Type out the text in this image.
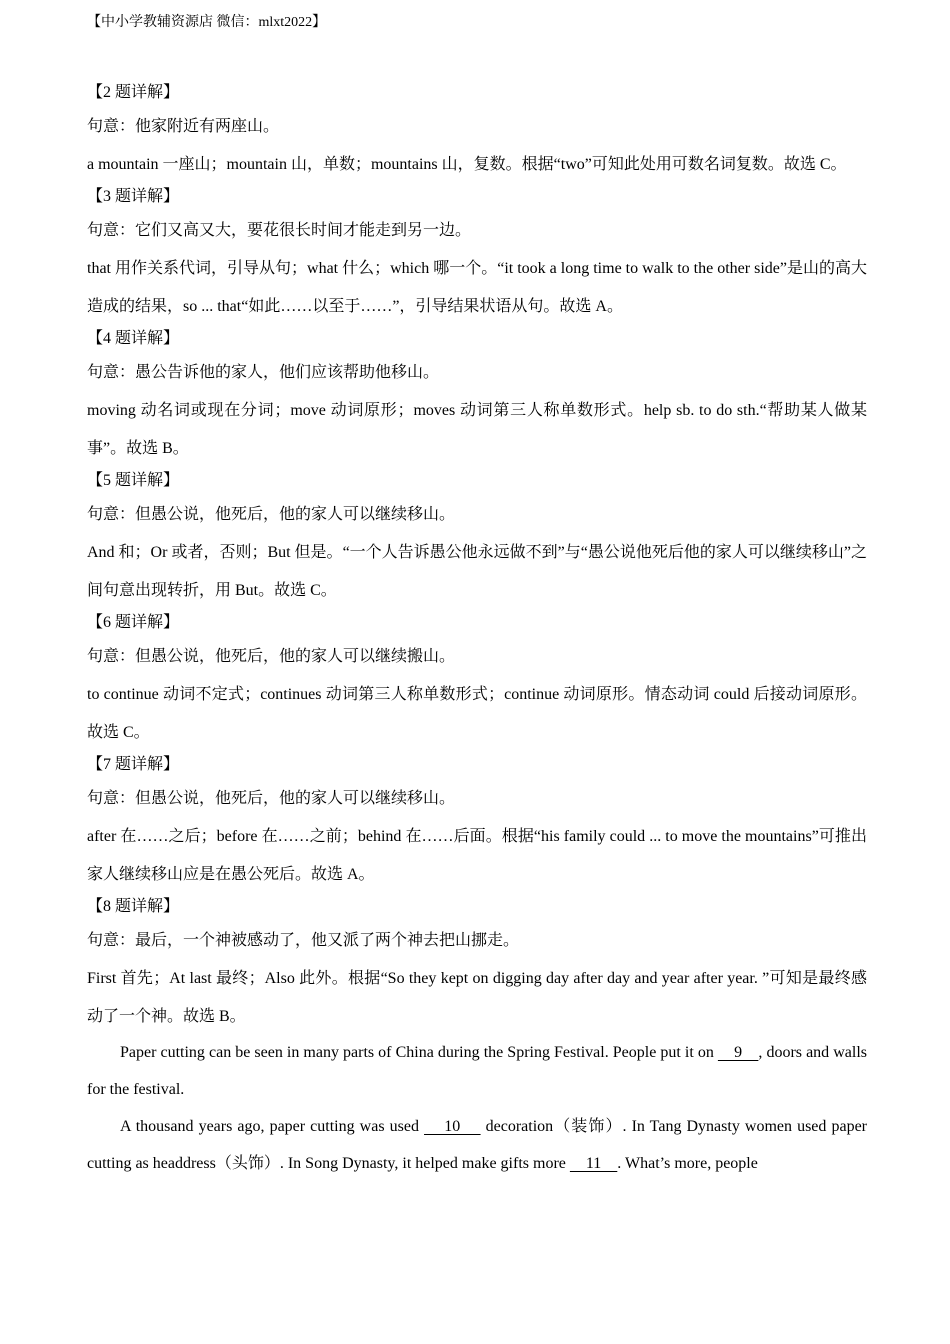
【中小学教辅资源店 微信：mlxt2022】
【2 题详解】
句意：他家附近有两座山。
a mountain 一座山；mountain 山，单数；mountains 山，复数。根据“two”可知此处用可数名词复数。故选 C。
【3 题详解】
句意：它们又高又大，要花很长时间才能走到另一边。
that 用作关系代词，引导从句；what 什么；which 哪一个。“it took a long time to walk to the other side”是山的高大造成的结果，so ... that“如此……以至于……”，引导结果状语从句。故选 A。
【4 题详解】
句意：愚公告诉他的家人，他们应该帮助他移山。
moving 动名词或现在分词；move 动词原形；moves 动词第三人称单数形式。help sb. to do sth.“帮助某人做某事”。故选 B。
【5 题详解】
句意：但愚公说，他死后，他的家人可以继续移山。
And 和；Or 或者，否则；But 但是。“一个人告诉愚公他永远做不到”与“愚公说他死后他的家人可以继续移山”之间句意出现转折，用 But。故选 C。
【6 题详解】
句意：但愚公说，他死后，他的家人可以继续搬山。
to continue 动词不定式；continues 动词第三人称单数形式；continue 动词原形。情态动词 could 后接动词原形。故选 C。
【7 题详解】
句意：但愚公说，他死后，他的家人可以继续移山。
after 在……之后；before 在……之前；behind 在……后面。根据“his family could ... to move the mountains”可推出家人继续移山应是在愚公死后。故选 A。
【8 题详解】
句意：最后，一个神被感动了，他又派了两个神去把山挪走。
First 首先；At last 最终；Also 此外。根据“So they kept on digging day after day and year after year. ”可知是最终感动了一个神。故选 B。

Paper cutting can be seen in many parts of China during the Spring Festival. People put it on     9    , doors and walls for the festival.

A thousand years ago, paper cutting was used     10     decoration（装饰）. In Tang Dynasty women used paper cutting as headdress（头饰）. In Song Dynasty, it helped make gifts more     11    . What’s more, people
